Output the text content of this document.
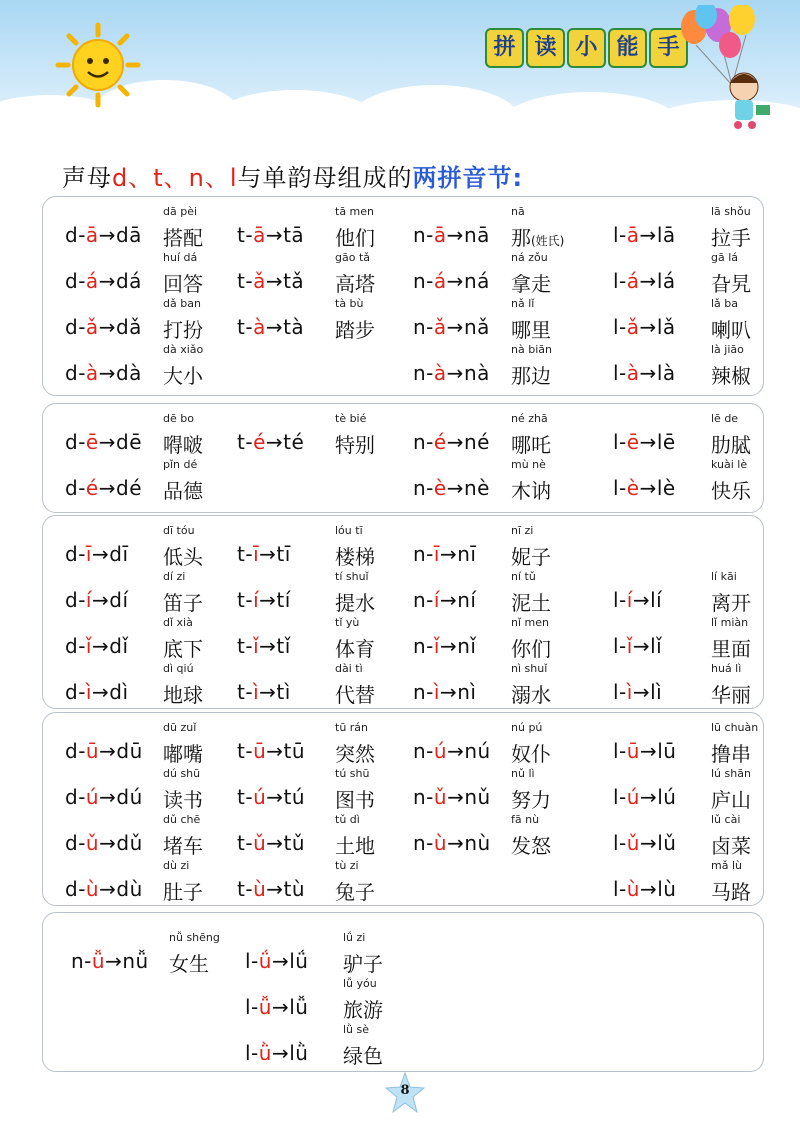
拼 读 小 能 手
声母d、t、n、l与单韵母组成的两拼音节:
dā pèi
d-ā→dā 搭配
tā men
t-ā→tā 他们
nā
n-ā→nā 那(姓氏)
lā shǒu
l-ā→lā 拉手
huí dá
d-á→dá 回答
gāo tǎ
t-ǎ→tǎ 高塔
ná zǒu
n-á→ná 拿走
gā lá
l-á→lá 旮旯
dǎ ban
d-ǎ→dǎ 打扮
tà bù
t-à→tà 踏步
nǎ lǐ
n-ǎ→nǎ 哪里
lǎ ba
l-ǎ→lǎ 喇叭
dà xiǎo
d-à→dà 大小
nà biān
n-à→nà 那边
là jiāo
l-à→là 辣椒
dē bo
d-ē→dē 嘚啵
tè bié
t-é→té 特别
né zhā
n-é→né 哪吒
lē de
l-ē→lē 肋脦
pǐn dé
d-é→dé 品德
mù nè
n-è→nè 木讷
kuài lè
l-è→lè 快乐
dī tóu
d-ī→dī 低头
lóu tī
t-ī→tī 楼梯
nī zi
n-ī→nī 妮子
dí zi
d-í→dí 笛子
tí shuǐ
t-í→tí 提水
ní tǔ
n-í→ní 泥土
lí kāi
l-í→lí 离开
dǐ xià
d-ǐ→dǐ 底下
tǐ yù
t-ǐ→tǐ 体育
nǐ men
n-ǐ→nǐ 你们
lǐ miàn
l-ǐ→lǐ 里面
dì qiú
d-ì→dì 地球
dài tì
t-ì→tì 代替
nì shuǐ
n-ì→nì 溺水
huá lì
l-ì→lì 华丽
dū zuǐ
d-ū→dū 嘟嘴
tū rán
t-ū→tū 突然
nú pú
n-ú→nú 奴仆
lū chuàn
l-ū→lū 撸串
dú shū
d-ú→dú 读书
tú shū
t-ú→tú 图书
nǔ lì
n-ǔ→nǔ 努力
lú shān
l-ú→lú 庐山
dǔ chē
d-ǔ→dǔ 堵车
tǔ dì
t-ǔ→tǔ 土地
fā nù
n-ù→nù 发怒
lǔ cài
l-ǔ→lǔ 卤菜
dù zi
d-ù→dù 肚子
tù zi
t-ù→tù 兔子
mǎ lù
l-ù→lù 马路
nǚ shēng
n-ǚ→nǚ 女生
lǘ zi
l-ǘ→lǘ 驴子
lǚ yóu
l-ǚ→lǚ 旅游
lǜ sè
l-ǜ→lǜ 绿色
8
